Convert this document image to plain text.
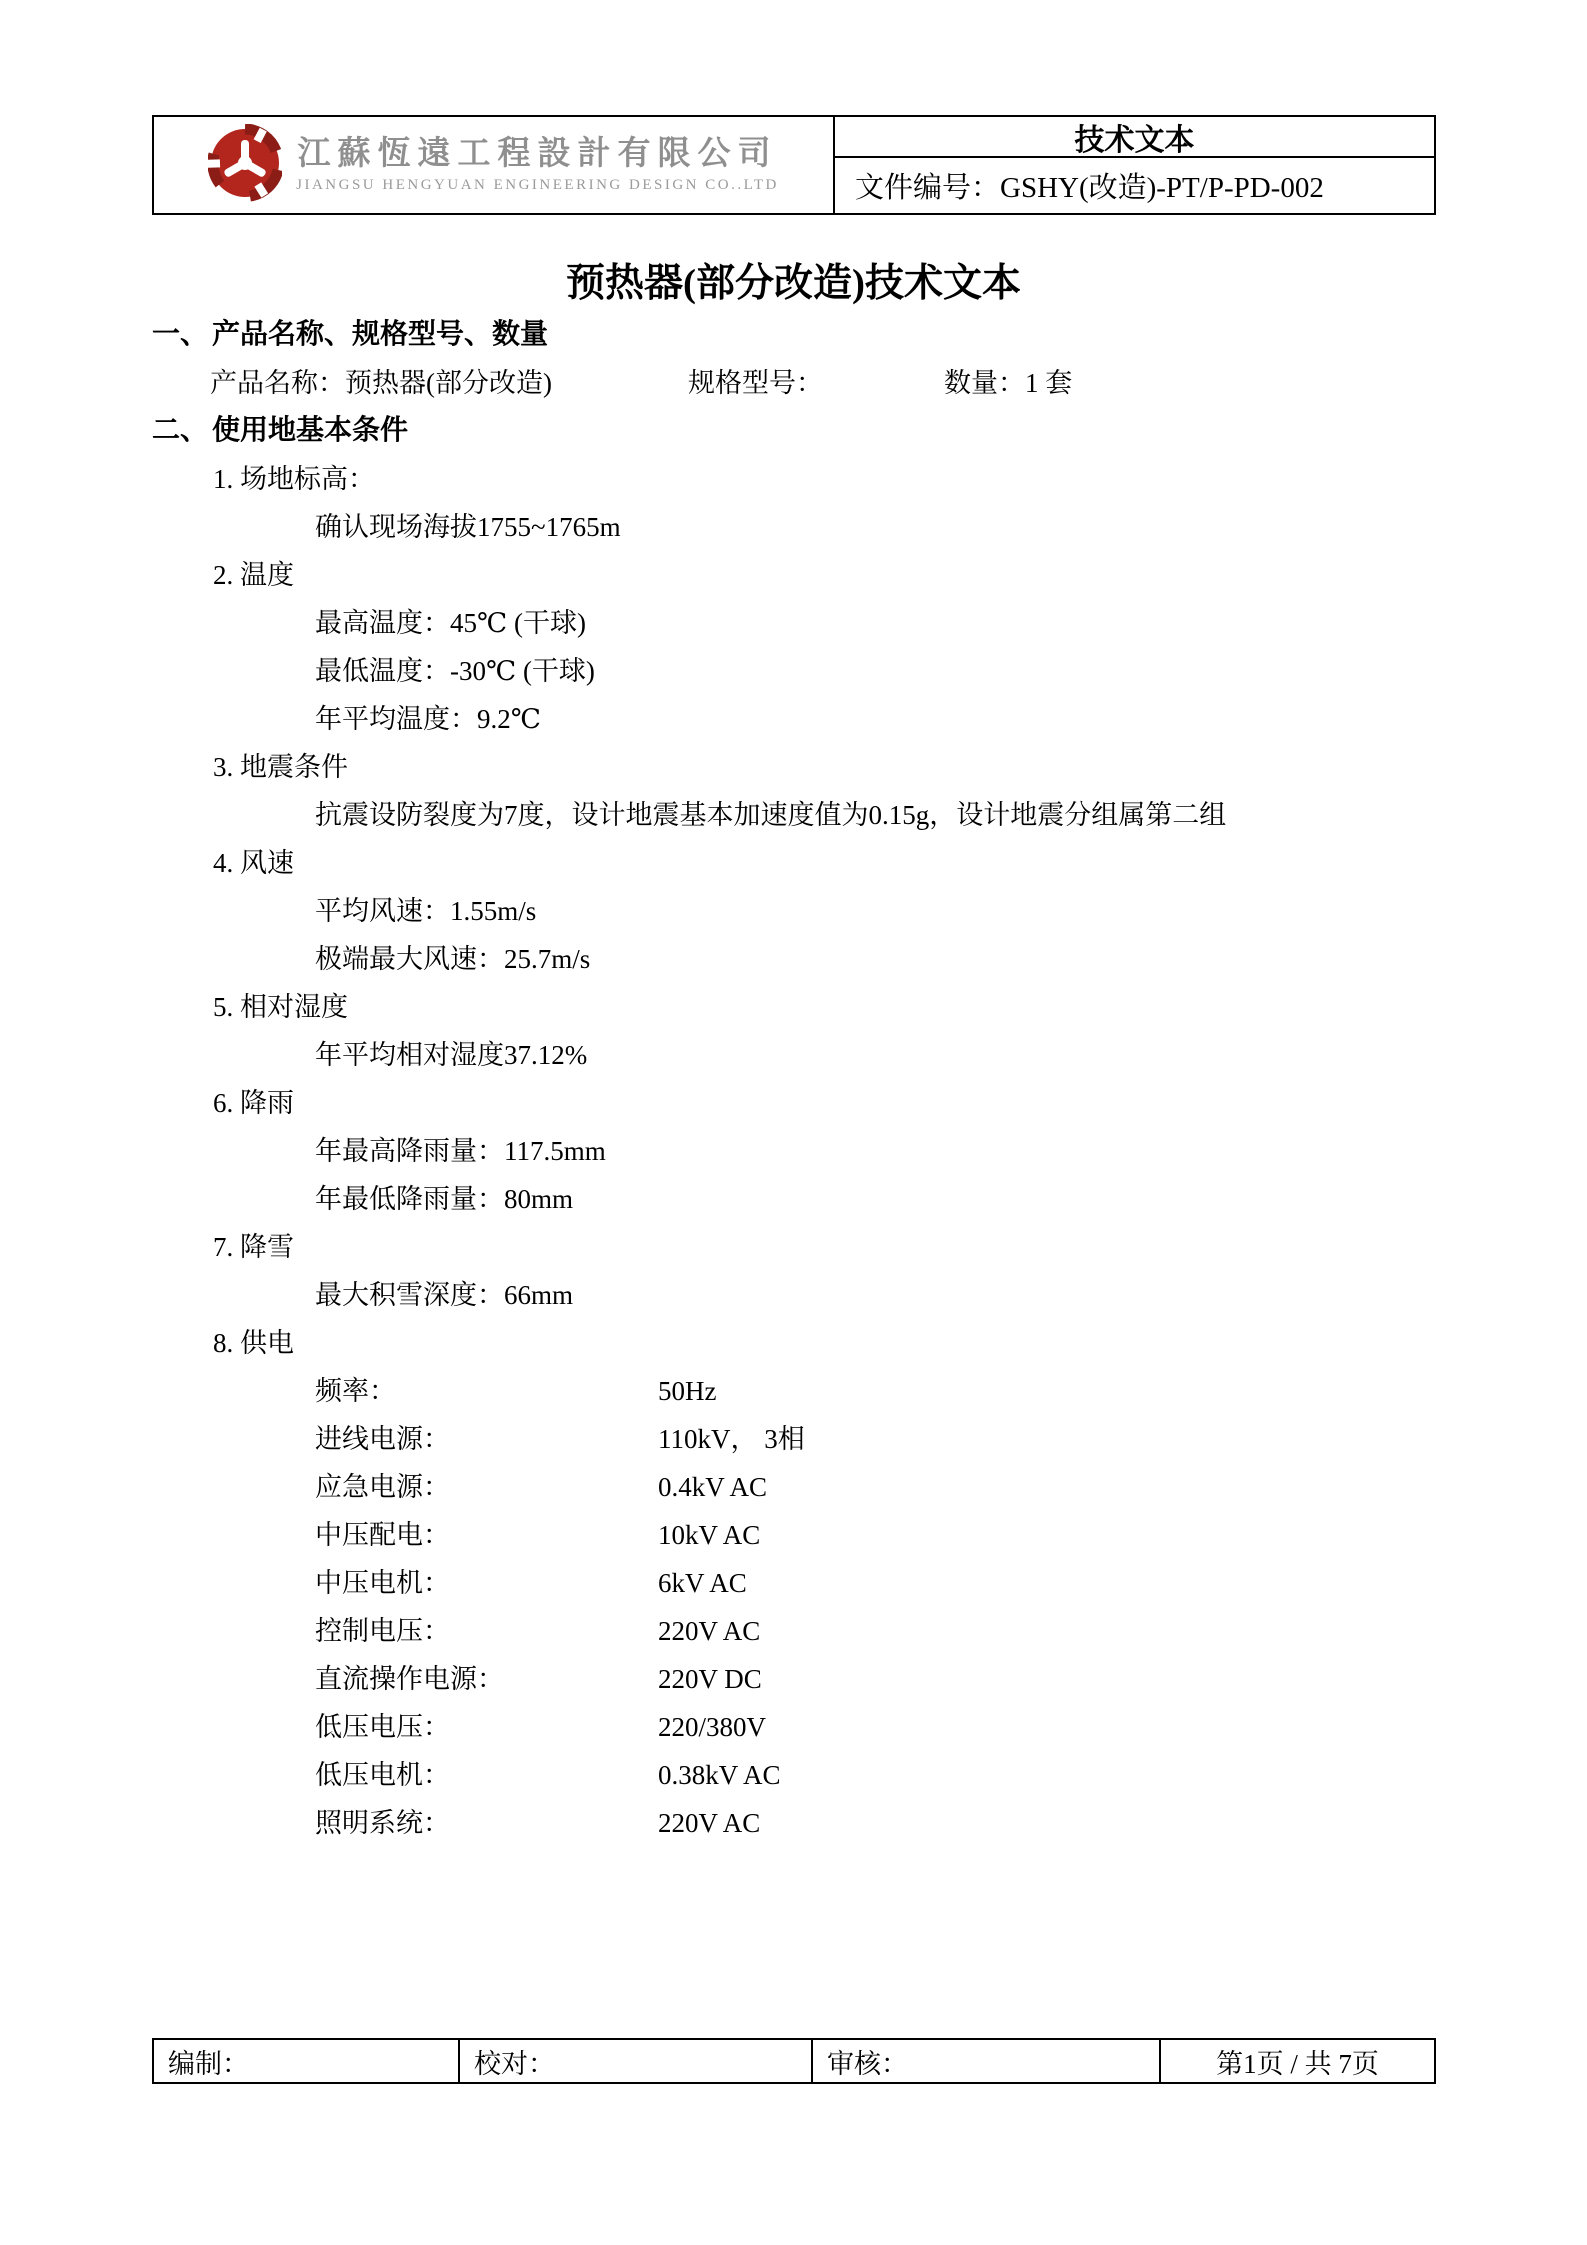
江蘇恆遠工程設計有限公司
JIANGSU HENGYUAN ENGINEERING DESIGN CO..LTD
技术文本
文件编号：GSHY(改造)-PT/P-PD-002
预热器(部分改造)技术文本
一、 产品名称、规格型号、数量
产品名称：预热器(部分改造)	规格型号：	数量：1 套
二、 使用地基本条件
1. 场地标高：
确认现场海拔1755~1765m
2. 温度
最高温度：45℃ (干球)
最低温度：-30℃ (干球)
年平均温度：9.2℃
3. 地震条件
抗震设防裂度为7度，设计地震基本加速度值为0.15g，设计地震分组属第二组
4. 风速
平均风速：1.55m/s
极端最大风速：25.7m/s
5. 相对湿度
年平均相对湿度37.12%
6. 降雨
年最高降雨量：117.5mm
年最低降雨量：80mm
7. 降雪
最大积雪深度：66mm
8. 供电
频率：	50Hz
进线电源：	110kV， 3相
应急电源：	0.4kV AC
中压配电：	10kV AC
中压电机：	6kV AC
控制电压：	220V AC
直流操作电源：	220V DC
低压电压：	220/380V
低压电机：	0.38kV AC
照明系统：	220V AC
编制：	校对：	审核：	第1页 / 共 7页
